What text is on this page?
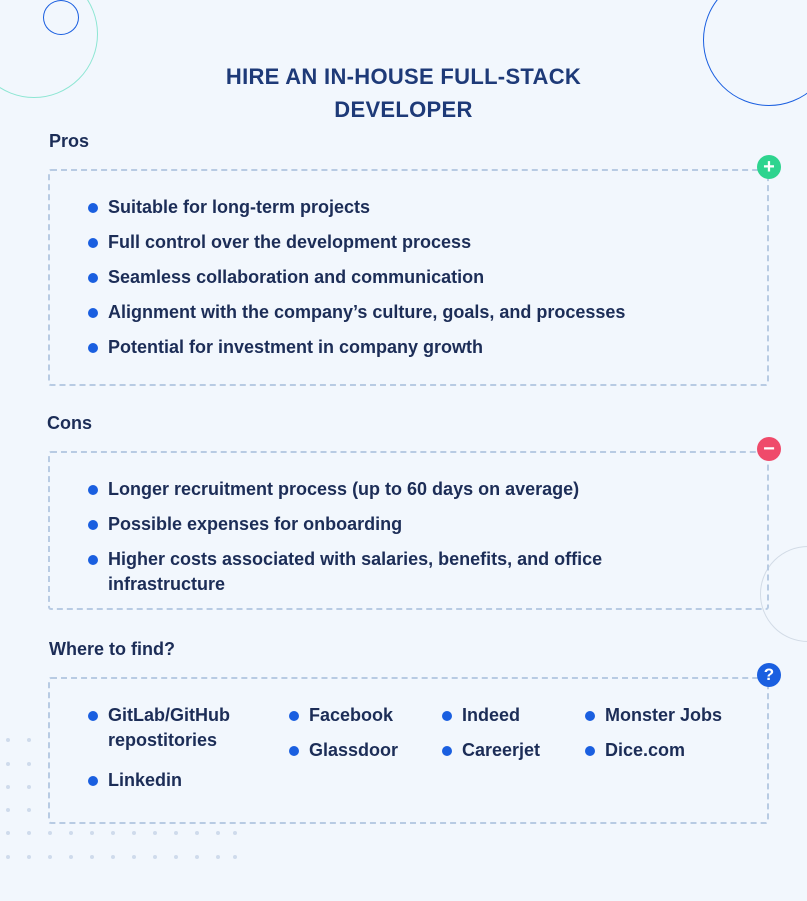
HIRE AN IN-HOUSE FULL-STACK
DEVELOPER
Pros
+
Suitable for long-term projects
Full control over the development process
Seamless collaboration and communication
Alignment with the company’s culture, goals, and processes
Potential for investment in company growth
Cons
−
Longer recruitment process (up to 60 days on average)
Possible expenses for onboarding
Higher costs associated with salaries, benefits, and office infrastructure
Where to find?
?
GitLab/GitHub repostitories
Linkedin
Facebook
Glassdoor
Indeed
Careerjet
Monster Jobs
Dice.com
